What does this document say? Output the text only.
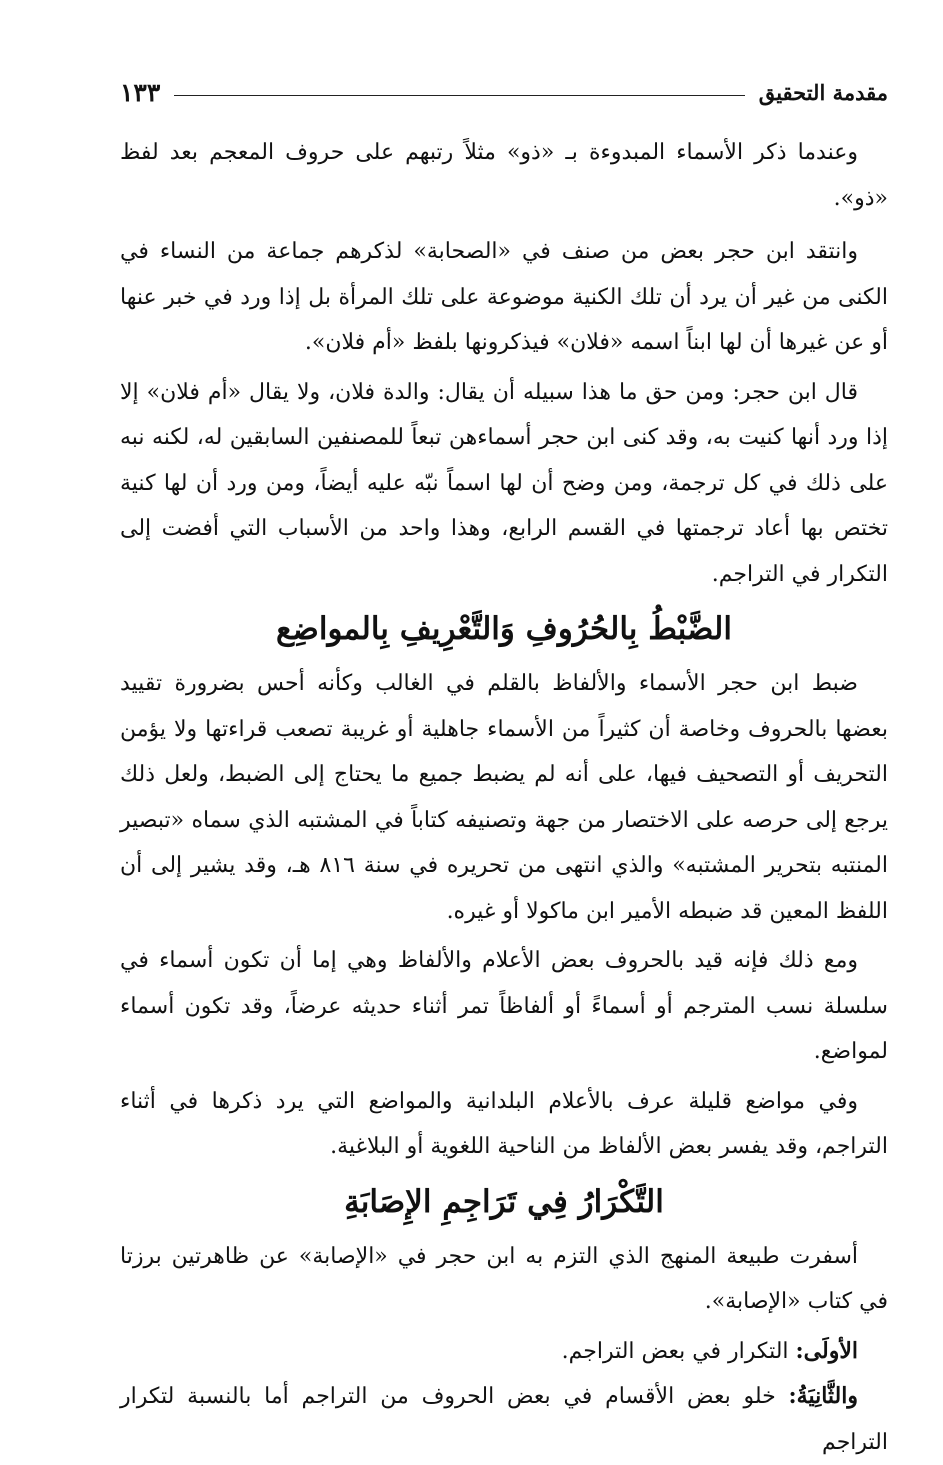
مقدمة التحقيق
١٣٣

وعندما ذكر الأسماء المبدوءة بـ «ذو» مثلاً رتبهم على حروف المعجم بعد لفظ «ذو».

وانتقد ابن حجر بعض من صنف في «الصحابة» لذكرهم جماعة من النساء في الكنى من غير أن يرد أن تلك الكنية موضوعة على تلك المرأة بل إذا ورد في خبر عنها أو عن غيرها أن لها ابناً اسمه «فلان» فيذكرونها بلفظ «أم فلان».

قال ابن حجر: ومن حق ما هذا سبيله أن يقال: والدة فلان، ولا يقال «أم فلان» إلا إذا ورد أنها كنيت به، وقد كنى ابن حجر أسماءهن تبعاً للمصنفين السابقين له، لكنه نبه على ذلك في كل ترجمة، ومن وضح أن لها اسماً نبّه عليه أيضاً، ومن ورد أن لها كنية تختص بها أعاد ترجمتها في القسم الرابع، وهذا واحد من الأسباب التي أفضت إلى التكرار في التراجم.

الضَّبْطُ بِالحُرُوفِ وَالتَّعْرِيفِ بِالمواضِع

ضبط ابن حجر الأسماء والألفاظ بالقلم في الغالب وكأنه أحس بضرورة تقييد بعضها بالحروف وخاصة أن كثيراً من الأسماء جاهلية أو غريبة تصعب قراءتها ولا يؤمن التحريف أو التصحيف فيها، على أنه لم يضبط جميع ما يحتاج إلى الضبط، ولعل ذلك يرجع إلى حرصه على الاختصار من جهة وتصنيفه كتاباً في المشتبه الذي سماه «تبصير المنتبه بتحرير المشتبه» والذي انتهى من تحريره في سنة ٨١٦ هـ، وقد يشير إلى أن اللفظ المعين قد ضبطه الأمير ابن ماكولا أو غيره.

ومع ذلك فإنه قيد بالحروف بعض الأعلام والألفاظ وهي إما أن تكون أسماء في سلسلة نسب المترجم أو أسماءً أو ألفاظاً تمر أثناء حديثه عرضاً، وقد تكون أسماء لمواضع.

وفي مواضع قليلة عرف بالأعلام البلدانية والمواضع التي يرد ذكرها في أثناء التراجم، وقد يفسر بعض الألفاظ من الناحية اللغوية أو البلاغية.

التَّكْرَارُ فِي تَرَاجِمِ الإِصَابَةِ

أسفرت طبيعة المنهج الذي التزم به ابن حجر في «الإصابة» عن ظاهرتين برزتا في كتاب «الإصابة».

الأولَى: التكرار في بعض التراجم.

والثَّانِيَةُ: خلو بعض الأقسام في بعض الحروف من التراجم أما بالنسبة لتكرار التراجم
